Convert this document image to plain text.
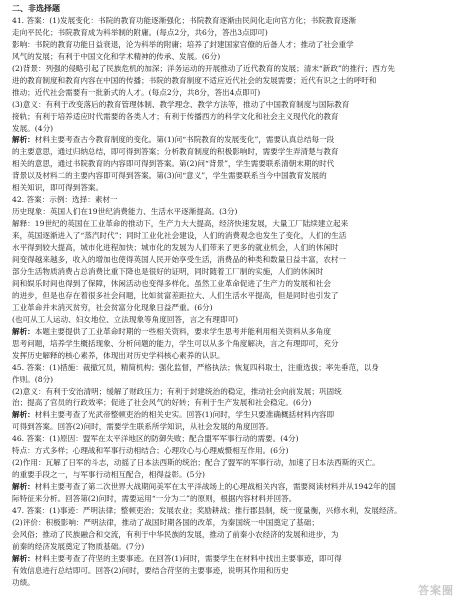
二、非选择题
41. 答案：(1)发展变化：书院的教育功能逐渐强化；书院教育逐渐由民间化走向官方化；书院教育逐渐
走向平民化；书院教育成为科举制的附庸。(每点2分，共6分，答出3点即可)
影响：书院的教育功能日益衰退，沦为科举的附庸；培养了封建国家官僚的后备人才；推动了社会重学
风气的发展；有利于中国文化和学术精神的传承、发展。(6分)
(2)背景：列强的侵略引起了民族危机的加深；洋务运动的开展推动了近代教育的发展；清末“新政”的推行；西方先
进的教育制度和教育内容在中国的传播；书院的教育制度不适应近代社会的发展需要；近代有识之士的呼吁和
推动；近代社会需要有一批新式的人才。(每点2分，共8分，答出4点即可)
(3)意义：有利于改变落后的教育管理体制、教学理念、教学方法等，推动了中国教育制度与国际教育
接轨；有利于培养适应时代需要的各类人才；有利于传播西方的科学文化和社会主义现代化的教育
发展。(4分)
解析：材料主要考查古今教育制度的变化。第(1)问“书院教育的发展变化”，需要认真总结每一段
的主要意思，通过归纳总结，即可得到答案；分析教育制度的积极影响时，需要学生弄清楚与教育
相关的意思，通过书院教育的内容即可得到答案。第(2)问“背景”，学生需要联系清朝末期的时代
背景以及材料二的主要内容即可得到答案。第(3)问“意义”，学生需要联系当今中国教育发展的
相关知识，即可得到答案。
42. 答案：示例：选择：素材一
历史现象：英国人们在19世纪消费能力、生活水平逐渐提高。(3分)
解释：19世纪的英国在工业革命的推动下，生产力大大提高，经济快速发展，大量工厂陆续建立起来
来，英国逐渐进入了“蒸汽时代”；同时工业化社会建设，人们的消费观念也发生了变化，人们的生活
水平得到较大提高，城市化进程加快；城市化的发展为人们带来了更多的就业机会，人们的休闲时
间变得越来越多，收入的增加也使得英国人民开始享受生活，消费品的种类和数量日益丰富，农村一
部分生活物质消费占总消费比重下降也是很好的证明，同时随着工厂制的实施，人们的休闲时
间和娱乐时间也得到了保障，休闲活动也变得多样化。虽然工业革命促进了生产力的发展和社会
的进步，但是也存在着很多社会问题，比如贫富差距拉大、人们生活水平提高，但是同时也引发了
工业革命并未消灭贫穷，社会贫富分化现象日益严重。(6分)
(也可从工人运动、妇女地位、立法现象等角度回答，言之有理即可)
解析：本题主要提供了工业革命时期的一些相关资料，要求学生思考并能利用相关资料从多角度
思考问题，培养学生概括现象、分析问题的能力，学生可以从多个角度解决，言之有理即可，充分
发挥历史解释的核心素养，体现出对历史学科核心素养的认识。
45. 答案：(1)措施：裁撤冗员，精简机构；强化监督，严格执法；恢复四科取士，注重选拔；率先垂范，以身
作则。(8分)
(2)意义：有利于安治清明；缓解了财政压力；有利于封建统治的稳定，推动社会向前发展；巩固统
治；提高了官员的行政效率；促进了社会风气的好转；有利于生产发展和社会稳定。(6分)
解析：材料主要考查了光武帝整顿吏治的相关史实。回答(1)问时，学生只要准确概括材料内容即
可得到答案。回答(2)问时，需要学生联系所学知识，从社会发展的角度回答。
46. 答案：(1)原因：盟军在太平洋地区的防御失败；配合盟军军事行动的需要。(4分)
特点：方式多样；心理战和军事行动相结合；心理攻心与心理威慑相互作用。(6分)
(2)作用：瓦解了日军的斗志，动摇了日本法西斯的统治；配合了盟军的军事行动，加速了日本法西斯的灭亡。
的重要手段之一，与军事行动相互配合，相得益彰。(5分)
解析：材料主要考查了第二次世界大战期间美军在太平洋战场上的心理战相关内容，需要阅读材料并从1942年的国
际特征来分析。回答第(2)问时，需要运用“一分为二”的原则，根据内容材料并回答。
47. 答案：(1)事迹：严明法律；整顿吏治；发展农业；奖励耕战；推行郡县制，统一度量衡，兴修水利，发展经济。
(2)评价：积极影响：严明法律，推动了战国时期各国的改革，为秦国统一中国奠定了基础；
会风俗；推动了民族融合和交流，有利于中华民族的发展，推动了前秦小农经济的发展和进步，为
前秦的经济发展奠定了物质基础。(7分)
解析：材料主要考查了苻坚的主要事迹。在回答(1)问时，需要学生在材料中找出主要事迹，即可得
有效信息进行总结即可。回答(2)问时，要结合苻坚的主要事迹，说明其作用和历史
功绩。
答案圈
